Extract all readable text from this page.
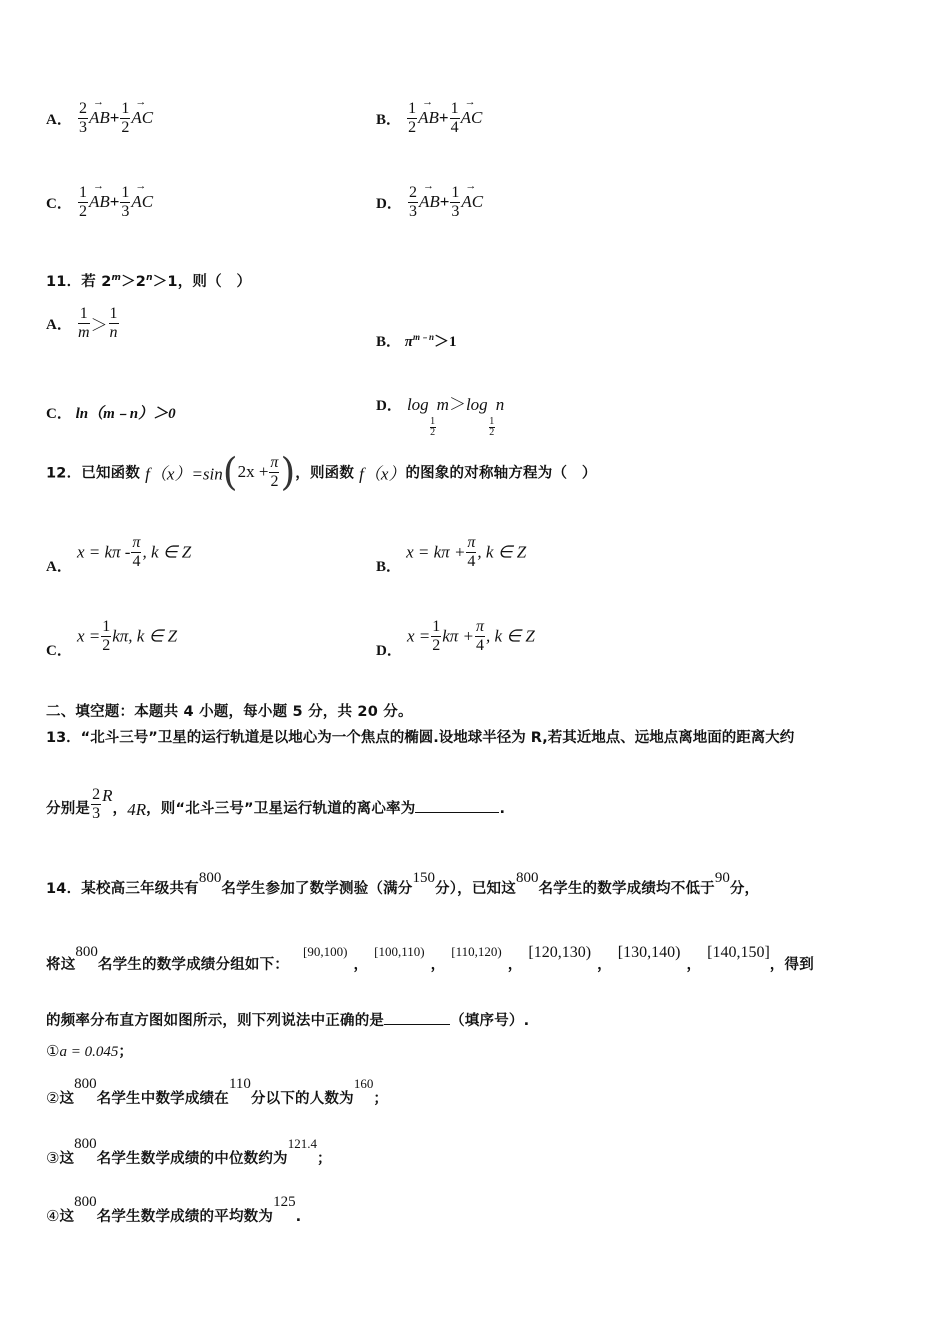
A． $\frac{2}{3}$
→ $AB+ \frac{1}{2}$
→ AC	B． $\frac{1}{2}$
→ $AB+ \frac{1}{4}$
→ AC
C． $\frac{1}{2}$
→ $AB+ \frac{1}{3}$
→ AC	D． $\frac{2}{3}$
→ $AB+ \frac{1}{3}$
→ AC
11．若 $2^m>2^n>1$，则（　）
A． $\frac{1}{m} > \frac{1}{n}$	B． $\pi^{m﹣n}>1$
C． ln（m﹣n）＞0	D． log
$\frac{1}{2}$
m＞log
$\frac{1}{2}$
n
12．已知函数 $f(x)=\sin(2x + \frac{\pi}{2}$ )，则函数 f（x）的图象的对称轴方程为（　）
A． $x = k\pi - \frac{\pi}{4}$ , k ∈ Z
B． $x = k\pi + \frac{\pi}{4}$ , k ∈ Z
C． $x = \frac{1}{2} k\pi$, k ∈ Z
D． $x = \frac{1}{2}$ $k\pi + \frac{\pi}{4}$ , k ∈ Z
二、填空题：本题共 4 小题，每小题 5 分，共 20 分。
13．“北斗三号”卫星的运行轨道是以地心为一个焦点的椭圆.设地球半径为 R,若其近地点、远地点离地面的距离大约
分别是 $\frac{2}{3}$ R，4R，则“北斗三号”卫星运行轨道的离心率为	.
14．某校高三年级共有800名学生参加了数学测验（满分150分），已知这800名学生的数学成绩均不低于90分，
将这800名学生的数学成绩分组如下：$^{[90,100)}$，$^{[100,110)}$，$^{[110,120)}$，[120,130)，[130,140)，[140,150]，得到
的频率分布直方图如图所示，则下列说法中正确的是	（填序号）.
①a = 0.045；
②这800名学生中数学成绩在110分以下的人数为$^{160}$；
③这800名学生数学成绩的中位数约为$^{121.4}$；
④这800名学生数学成绩的平均数为125.
